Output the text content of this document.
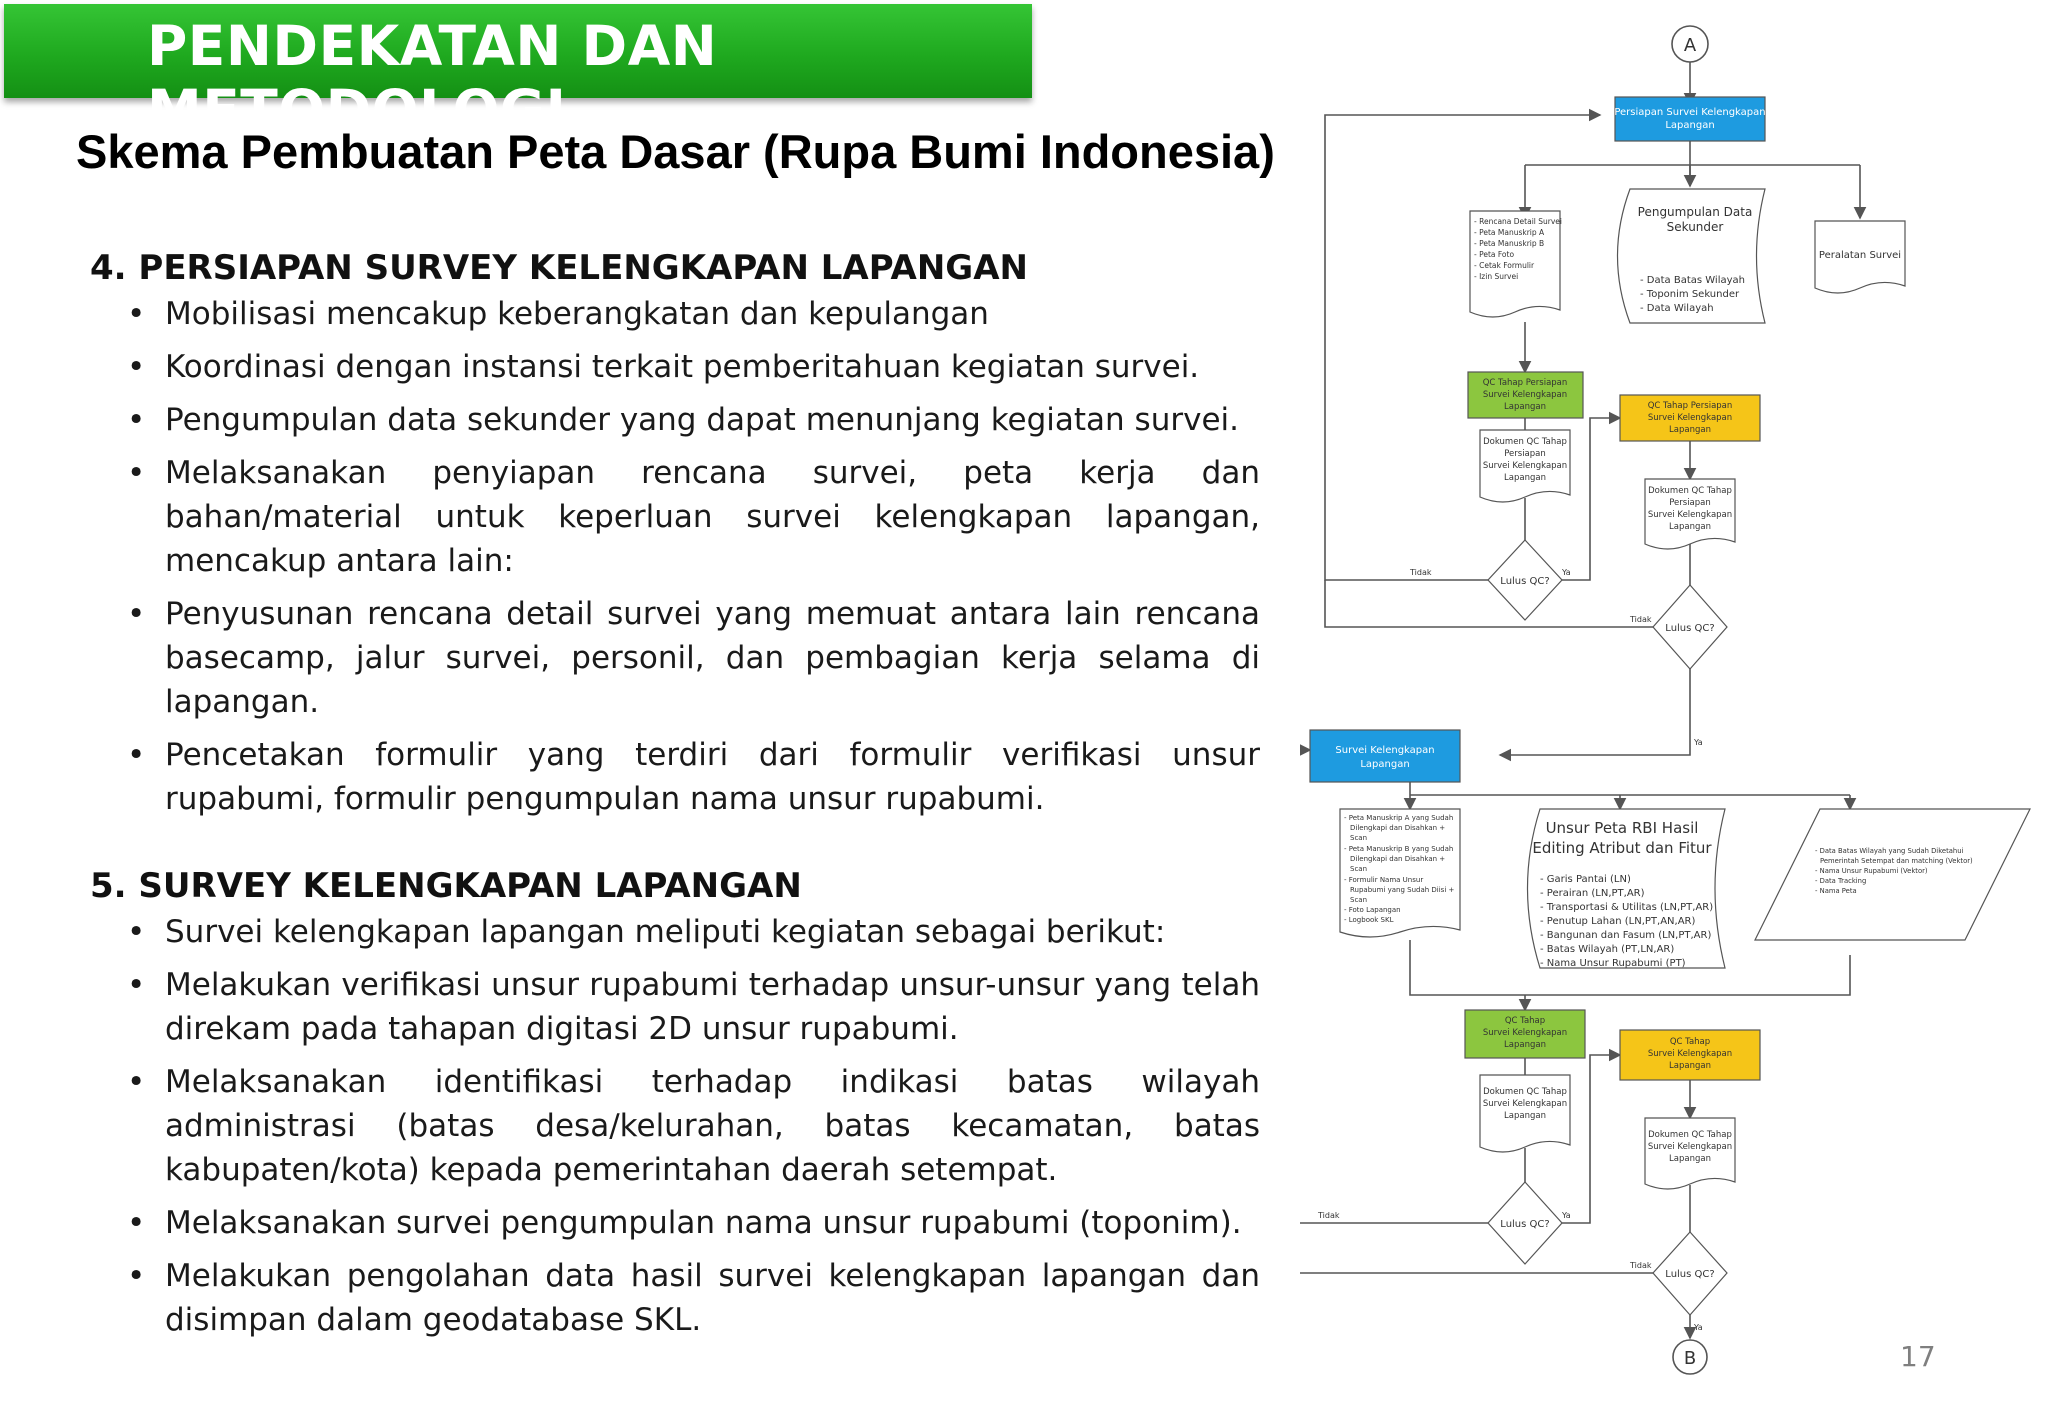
PENDEKATAN DAN METODOLOGI
Skema Pembuatan Peta Dasar (Rupa Bumi Indonesia)
4. PERSIAPAN SURVEY KELENGKAPAN LAPANGAN
• Mobilisasi mencakup keberangkatan dan kepulangan
• Koordinasi dengan instansi terkait pemberitahuan kegiatan survei.
• Pengumpulan data sekunder yang dapat menunjang kegiatan survei.
• Melaksanakan penyiapan rencana survei, peta kerja dan bahan/material untuk keperluan survei kelengkapan lapangan, mencakup antara lain:
• Penyusunan rencana detail survei yang memuat antara lain rencana basecamp, jalur survei, personil, dan pembagian kerja selama di lapangan.
• Pencetakan formulir yang terdiri dari formulir verifikasi unsur rupabumi, formulir pengumpulan nama unsur rupabumi.
5. SURVEY KELENGKAPAN LAPANGAN
• Survei kelengkapan lapangan meliputi kegiatan sebagai berikut:
• Melakukan verifikasi unsur rupabumi terhadap unsur-unsur yang telah direkam pada tahapan digitasi 2D unsur rupabumi.
• Melaksanakan identifikasi terhadap indikasi batas wilayah administrasi (batas desa/kelurahan, batas kecamatan, batas kabupaten/kota) kepada pemerintahan daerah setempat.
• Melaksanakan survei pengumpulan nama unsur rupabumi (toponim).
• Melakukan pengolahan data hasil survei kelengkapan lapangan dan disimpan dalam geodatabase SKL.
A
Persiapan Survei Kelengkapan
Lapangan
- Rencana Detail Survei
- Peta Manuskrip A
- Peta Manuskrip B
- Peta Foto
- Cetak Formulir
- Izin Survei
Pengumpulan Data
Sekunder
- Data Batas Wilayah
- Toponim Sekunder
- Data Wilayah
Peralatan Survei
QC Tahap Persiapan
Survei Kelengkapan
Lapangan
Dokumen QC Tahap
Persiapan
Survei Kelengkapan
Lapangan
Lulus QC?
Tidak	Ya
QC Tahap Persiapan
Survei Kelengkapan
Lapangan
Dokumen QC Tahap
Persiapan
Survei Kelengkapan
Lapangan
Lulus QC?
Tidak
Ya
Survei Kelengkapan
Lapangan
- Peta Manuskrip A yang Sudah
Dilengkapi dan Disahkan +
Scan
- Peta Manuskrip B yang Sudah
Dilengkapi dan Disahkan +
Scan
- Formulir Nama Unsur
Rupabumi yang Sudah Diisi +
Scan
- Foto Lapangan
- Logbook SKL
Unsur Peta RBI Hasil
Editing Atribut dan Fitur
- Garis Pantai (LN)
- Perairan (LN,PT,AR)
- Transportasi & Utilitas (LN,PT,AR)
- Penutup Lahan (LN,PT,AN,AR)
- Bangunan dan Fasum (LN,PT,AR)
- Batas Wilayah (PT,LN,AR)
- Nama Unsur Rupabumi (PT)
- Data Batas Wilayah yang Sudah Diketahui
Pemerintah Setempat dan matching (Vektor)
- Nama Unsur Rupabumi (Vektor)
- Data Tracking
- Nama Peta
QC Tahap
Survei Kelengkapan
Lapangan
Dokumen QC Tahap
Survei Kelengkapan
Lapangan
Lulus QC?
Tidak	Ya
QC Tahap
Survei Kelengkapan
Lapangan
Dokumen QC Tahap
Survei Kelengkapan
Lapangan
Lulus QC?
Tidak
Ya
B	17
